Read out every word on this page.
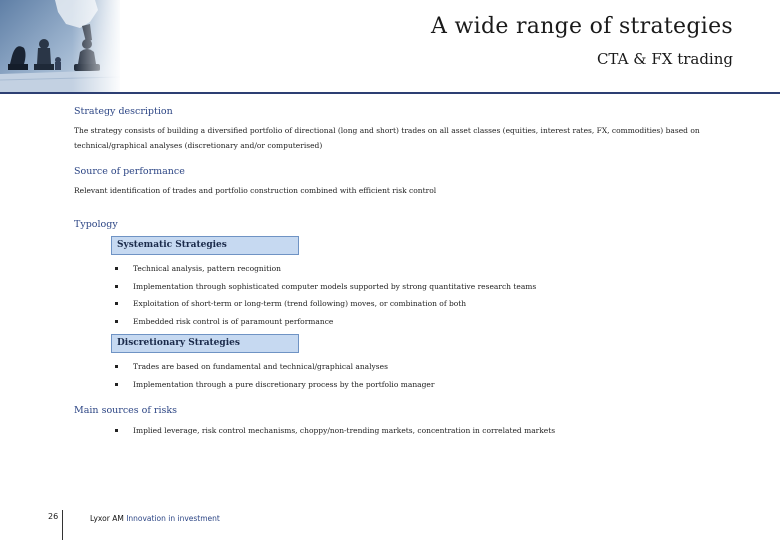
A wide range of strategies
CTA & FX trading
Strategy description

The strategy consists of building a diversified portfolio of directional (long and short) trades on all asset classes (equities, interest rates, FX, commodities) based on technical/graphical analyses (discretionary and/or computerised)

Source of performance

Relevant identification of trades and portfolio construction combined with efficient risk control

Typology
Systematic Strategies
Technical analysis, pattern recognition
Implementation through sophisticated computer models supported by strong quantitative research teams
Exploitation of short-term or long-term (trend following) moves, or combination of both
Embedded risk control is of paramount performance
Discretionary Strategies
Trades are based on fundamental and technical/graphical analyses
Implementation through a pure discretionary process by the portfolio manager
Main sources of risks
Implied leverage, risk control mechanisms, choppy/non-trending markets, concentration in correlated markets
26	Lyxor AM Innovation in investment
